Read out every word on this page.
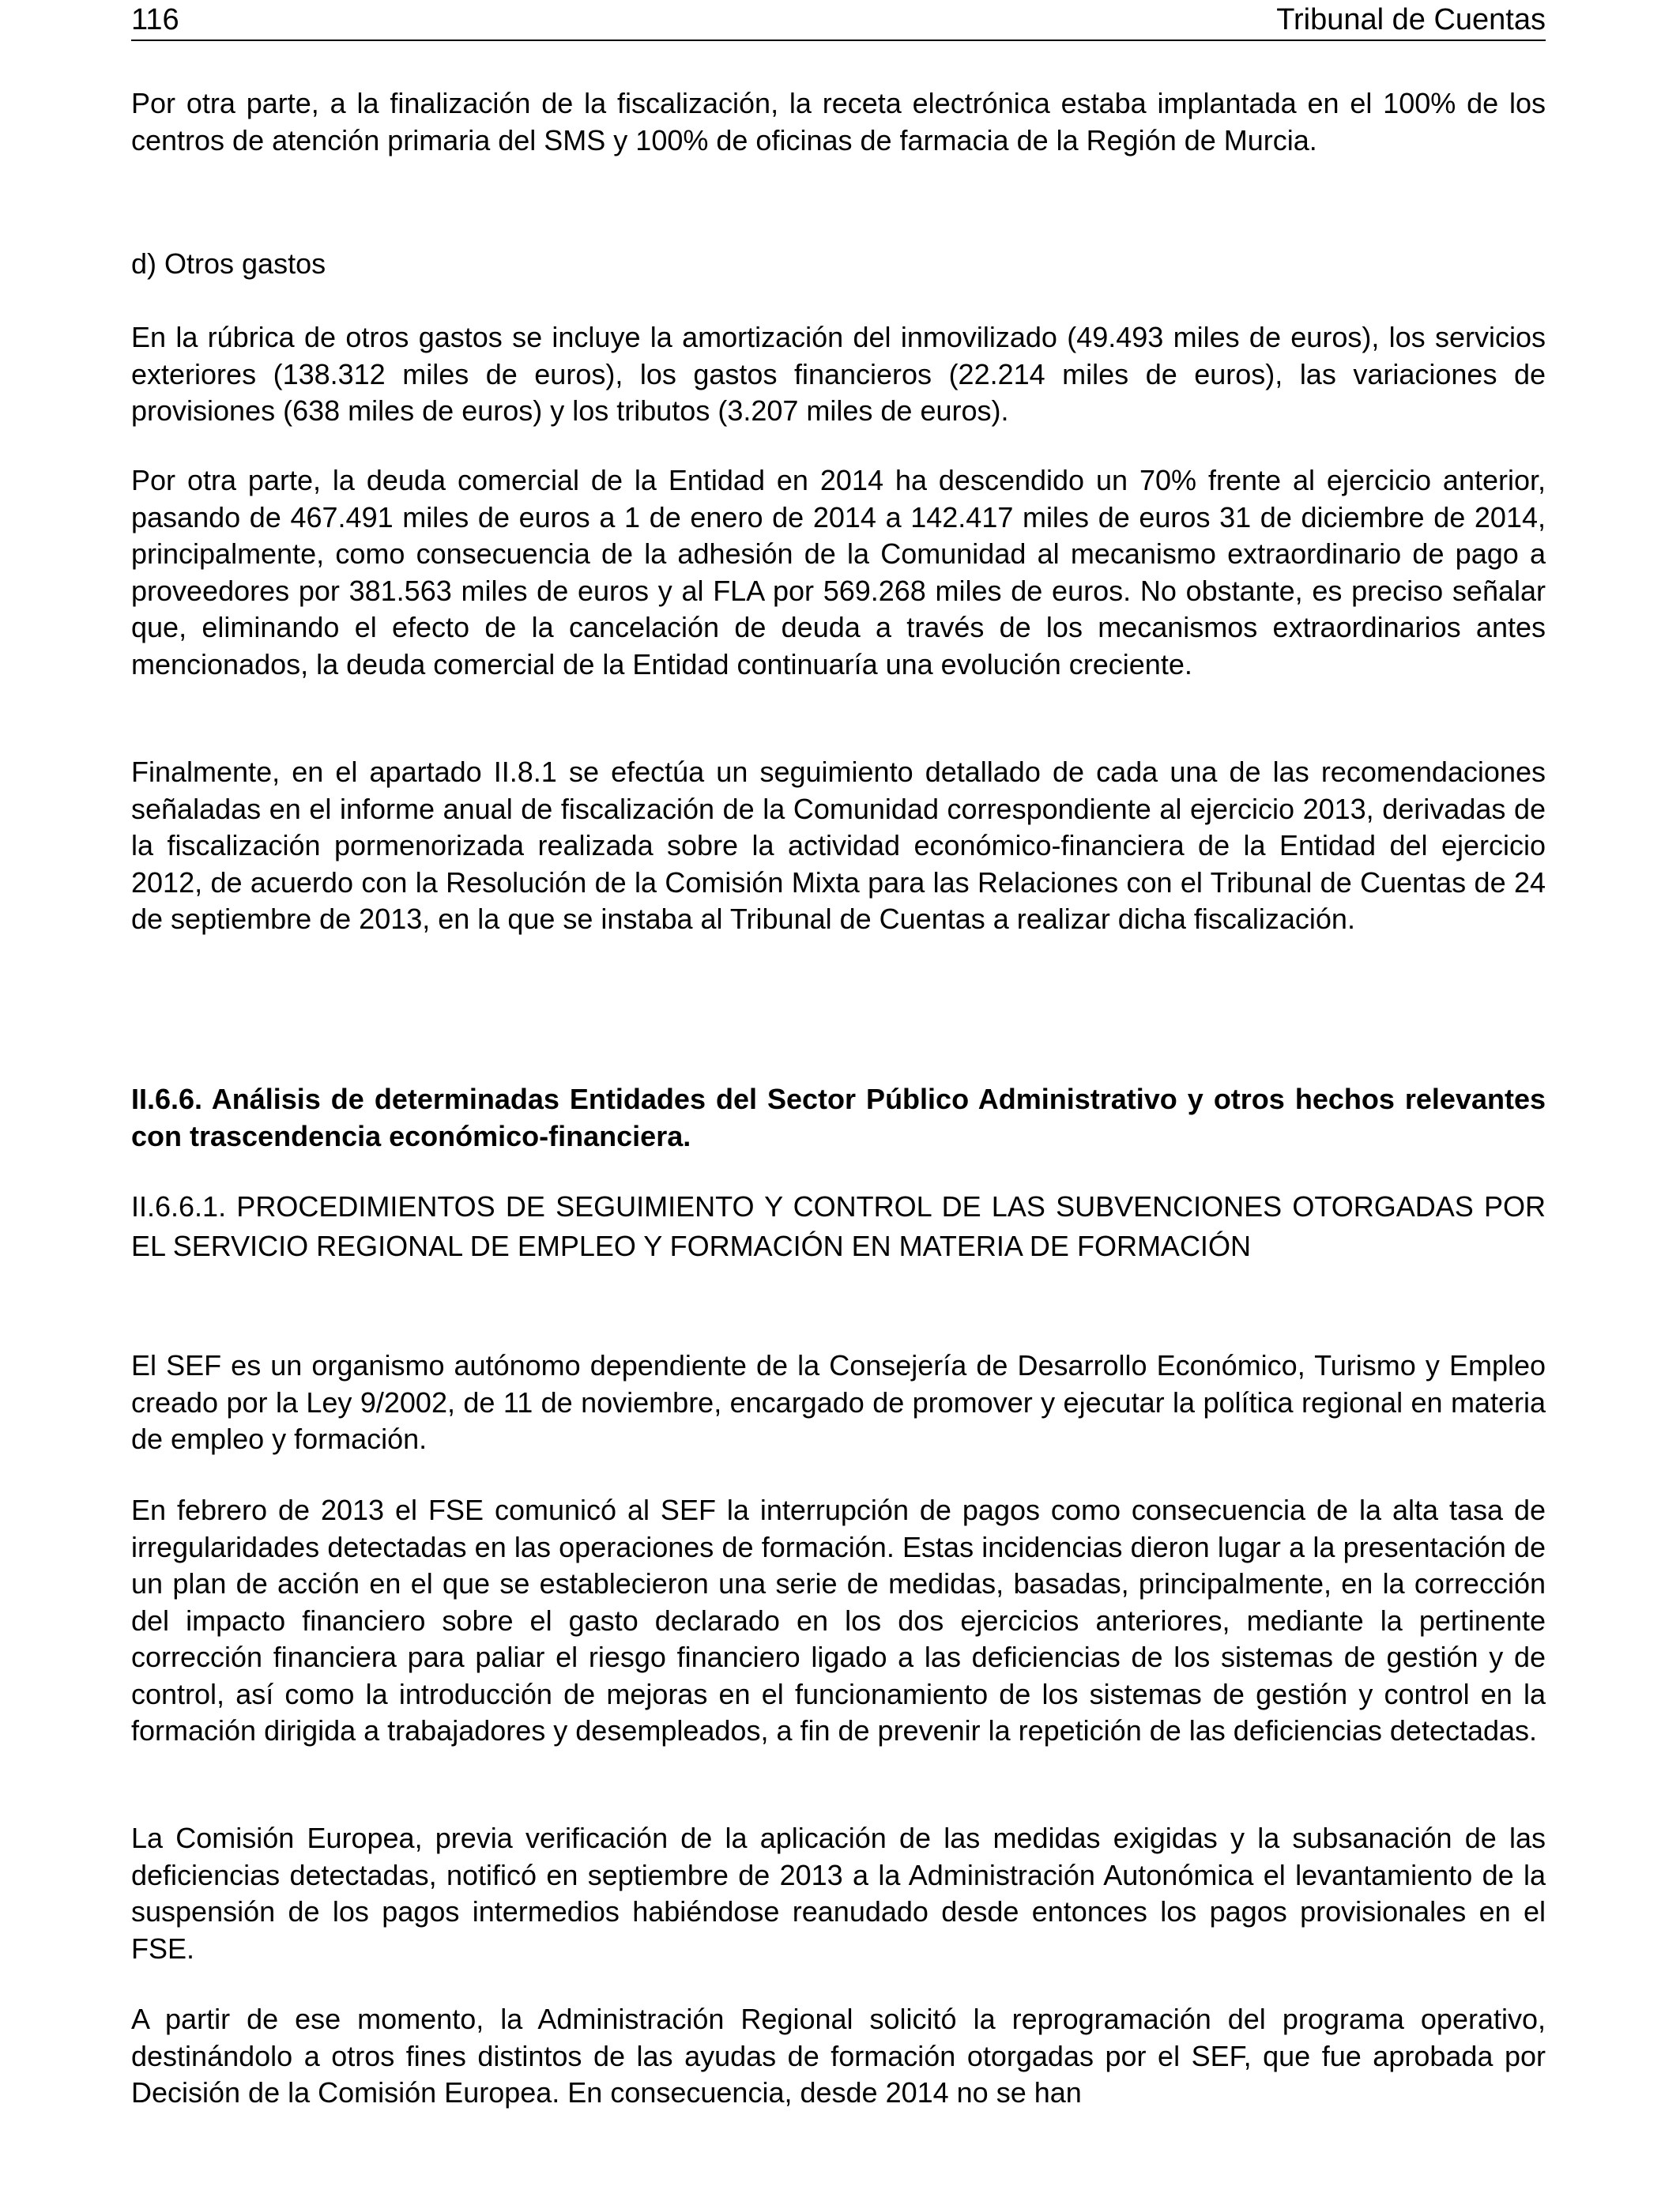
116	Tribunal de Cuentas

Por otra parte, a la finalización de la fiscalización, la receta electrónica estaba implantada en el 100% de los centros de atención primaria del SMS y 100% de oficinas de farmacia de la Región de Murcia.

d) Otros gastos

En la rúbrica de otros gastos se incluye la amortización del inmovilizado (49.493 miles de euros), los servicios exteriores (138.312 miles de euros), los gastos financieros (22.214 miles de euros), las variaciones de provisiones (638 miles de euros) y los tributos (3.207 miles de euros).

Por otra parte, la deuda comercial de la Entidad en 2014 ha descendido un 70% frente al ejercicio anterior, pasando de 467.491 miles de euros a 1 de enero de 2014 a 142.417 miles de euros 31 de diciembre de 2014, principalmente, como consecuencia de la adhesión de la Comunidad al mecanismo extraordinario de pago a proveedores por 381.563 miles de euros y al FLA por 569.268 miles de euros. No obstante, es preciso señalar que, eliminando el efecto de la cancelación de deuda a través de los mecanismos extraordinarios antes mencionados, la deuda comercial de la Entidad continuaría una evolución creciente.

Finalmente, en el apartado II.8.1 se efectúa un seguimiento detallado de cada una de las recomendaciones señaladas en el informe anual de fiscalización de la Comunidad correspondiente al ejercicio 2013, derivadas de la fiscalización pormenorizada realizada sobre la actividad económico-financiera de la Entidad del ejercicio 2012, de acuerdo con la Resolución de la Comisión Mixta para las Relaciones con el Tribunal de Cuentas de 24 de septiembre de 2013, en la que se instaba al Tribunal de Cuentas a realizar dicha fiscalización.

II.6.6. Análisis de determinadas Entidades del Sector Público Administrativo y otros hechos relevantes con trascendencia económico-financiera.

II.6.6.1. PROCEDIMIENTOS DE SEGUIMIENTO Y CONTROL DE LAS SUBVENCIONES OTORGADAS POR EL SERVICIO REGIONAL DE EMPLEO Y FORMACIÓN EN MATERIA DE FORMACIÓN

El SEF es un organismo autónomo dependiente de la Consejería de Desarrollo Económico, Turismo y Empleo creado por la Ley 9/2002, de 11 de noviembre, encargado de promover y ejecutar la política regional en materia de empleo y formación.

En febrero de 2013 el FSE comunicó al SEF la interrupción de pagos como consecuencia de la alta tasa de irregularidades detectadas en las operaciones de formación. Estas incidencias dieron lugar a la presentación de un plan de acción en el que se establecieron una serie de medidas, basadas, principalmente, en la corrección del impacto financiero sobre el gasto declarado en los dos ejercicios anteriores, mediante la pertinente corrección financiera para paliar el riesgo financiero ligado a las deficiencias de los sistemas de gestión y de control, así como la introducción de mejoras en el funcionamiento de los sistemas de gestión y control en la formación dirigida a trabajadores y desempleados, a fin de prevenir la repetición de las deficiencias detectadas.

La Comisión Europea, previa verificación de la aplicación de las medidas exigidas y la subsanación de las deficiencias detectadas, notificó en septiembre de 2013 a la Administración Autonómica el levantamiento de la suspensión de los pagos intermedios habiéndose reanudado desde entonces los pagos provisionales en el FSE.

A partir de ese momento, la Administración Regional solicitó la reprogramación del programa operativo, destinándolo a otros fines distintos de las ayudas de formación otorgadas por el SEF, que fue aprobada por Decisión de la Comisión Europea. En consecuencia, desde 2014 no se han
